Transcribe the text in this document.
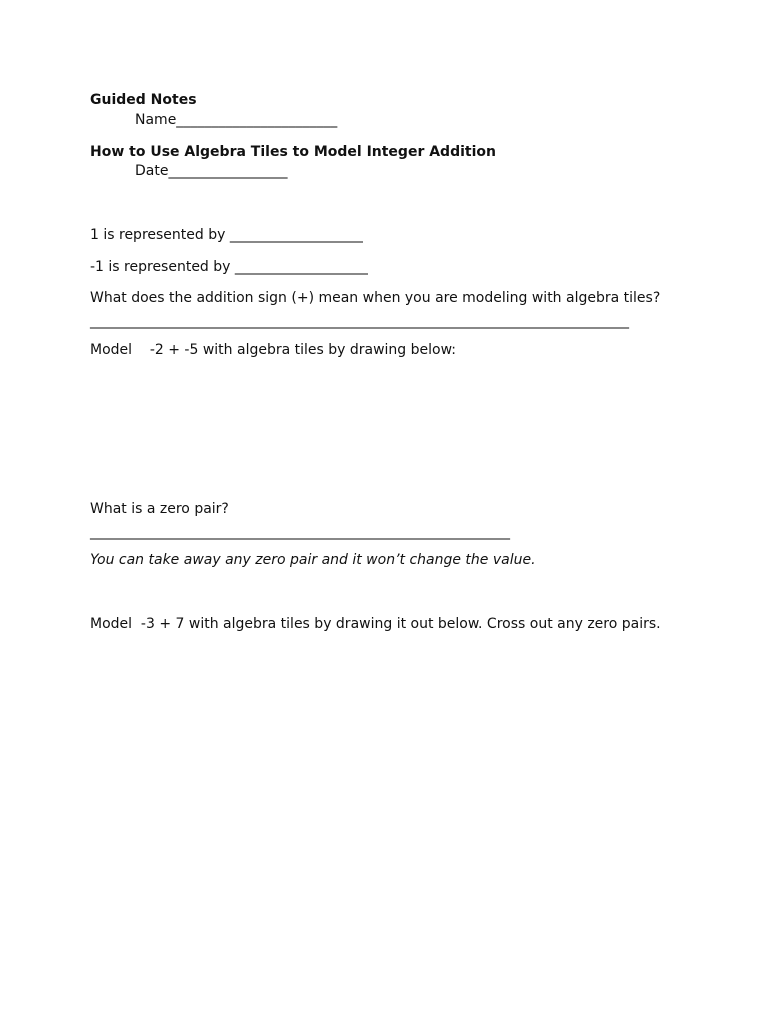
Guided Notes
Name_______________________
How to Use Algebra Tiles to Model Integer Addition
Date_________________
1 is represented by ___________________
-1 is represented by ___________________
What does the addition sign (+) mean when you are modeling with algebra tiles?
_____________________________________________________________________________
Model    -2 + -5 with algebra tiles by drawing below:
What is a zero pair?
____________________________________________________________
You can take away any zero pair and it won’t change the value.
Model  -3 + 7 with algebra tiles by drawing it out below. Cross out any zero pairs.
